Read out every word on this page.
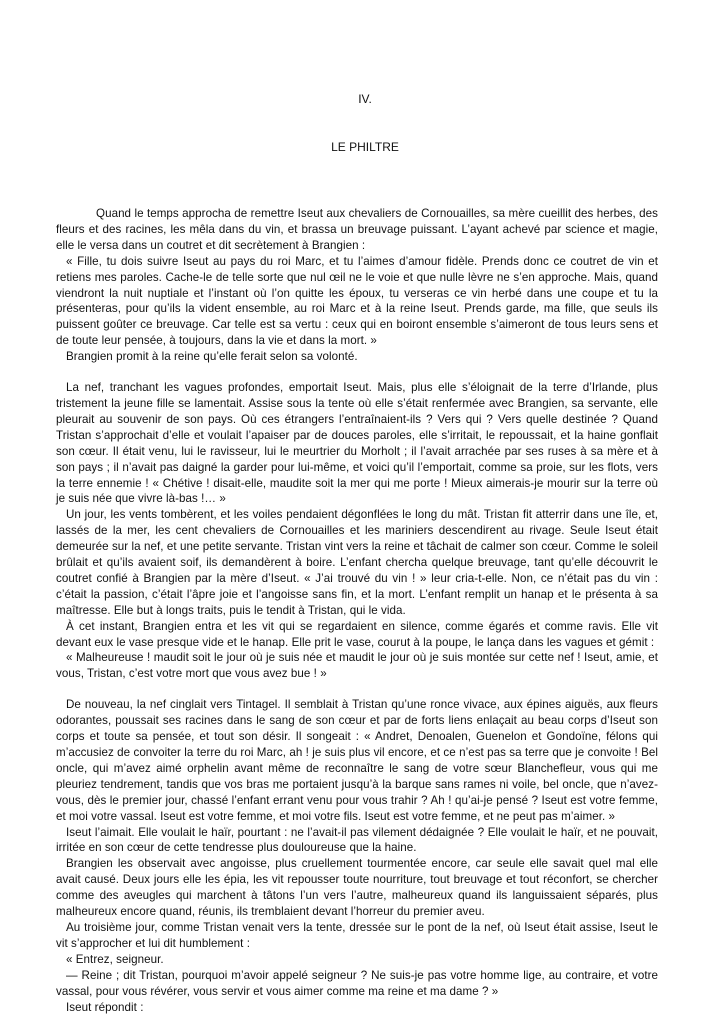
IV.
LE PHILTRE

Quand le temps approcha de remettre Iseut aux chevaliers de Cornouailles, sa mère cueillit des herbes, des fleurs et des racines, les mêla dans du vin, et brassa un breuvage puissant. L’ayant achevé par science et magie, elle le versa dans un coutret et dit secrètement à Brangien :

« Fille, tu dois suivre Iseut au pays du roi Marc, et tu l’aimes d’amour fidèle. Prends donc ce coutret de vin et retiens mes paroles. Cache-le de telle sorte que nul œil ne le voie et que nulle lèvre ne s’en approche. Mais, quand viendront la nuit nuptiale et l’instant où l’on quitte les époux, tu verseras ce vin herbé dans une coupe et tu la présenteras, pour qu’ils la vident ensemble, au roi Marc et à la reine Iseut. Prends garde, ma fille, que seuls ils puissent goûter ce breuvage. Car telle est sa vertu : ceux qui en boiront ensemble s’aimeront de tous leurs sens et de toute leur pensée, à toujours, dans la vie et dans la mort. »

Brangien promit à la reine qu’elle ferait selon sa volonté.

La nef, tranchant les vagues profondes, emportait Iseut. Mais, plus elle s’éloignait de la terre d’Irlande, plus tristement la jeune fille se lamentait. Assise sous la tente où elle s’était renfermée avec Brangien, sa servante, elle pleurait au souvenir de son pays. Où ces étrangers l’entraînaient-ils ? Vers qui ? Vers quelle destinée ? Quand Tristan s’approchait d’elle et voulait l’apaiser par de douces paroles, elle s’irritait, le repoussait, et la haine gonflait son cœur. Il était venu, lui le ravisseur, lui le meurtrier du Morholt ; il l’avait arrachée par ses ruses à sa mère et à son pays ; il n’avait pas daigné la garder pour lui-même, et voici qu’il l’emportait, comme sa proie, sur les flots, vers la terre ennemie ! « Chétive ! disait-elle, maudite soit la mer qui me porte ! Mieux aimerais-je mourir sur la terre où je suis née que vivre là-bas !… »

Un jour, les vents tombèrent, et les voiles pendaient dégonflées le long du mât. Tristan fit atterrir dans une île, et, lassés de la mer, les cent chevaliers de Cornouailles et les mariniers descendirent au rivage. Seule Iseut était demeurée sur la nef, et une petite servante. Tristan vint vers la reine et tâchait de calmer son cœur. Comme le soleil brûlait et qu’ils avaient soif, ils demandèrent à boire. L’enfant chercha quelque breuvage, tant qu’elle découvrit le coutret confié à Brangien par la mère d’Iseut. « J’ai trouvé du vin ! » leur cria-t-elle. Non, ce n’était pas du vin : c’était la passion, c’était l’âpre joie et l’angoisse sans fin, et la mort. L’enfant remplit un hanap et le présenta à sa maîtresse. Elle but à longs traits, puis le tendit à Tristan, qui le vida.

À cet instant, Brangien entra et les vit qui se regardaient en silence, comme égarés et comme ravis. Elle vit devant eux le vase presque vide et le hanap. Elle prit le vase, courut à la poupe, le lança dans les vagues et gémit :

« Malheureuse ! maudit soit le jour où je suis née et maudit le jour où je suis montée sur cette nef ! Iseut, amie, et vous, Tristan, c’est votre mort que vous avez bue ! »

De nouveau, la nef cinglait vers Tintagel. Il semblait à Tristan qu’une ronce vivace, aux épines aiguës, aux fleurs odorantes, poussait ses racines dans le sang de son cœur et par de forts liens enlaçait au beau corps d’Iseut son corps et toute sa pensée, et tout son désir. Il songeait : « Andret, Denoalen, Guenelon et Gondoïne, félons qui m’accusiez de convoiter la terre du roi Marc, ah ! je suis plus vil encore, et ce n’est pas sa terre que je convoite ! Bel oncle, qui m’avez aimé orphelin avant même de reconnaître le sang de votre sœur Blanchefleur, vous qui me pleuriez tendrement, tandis que vos bras me portaient jusqu’à la barque sans rames ni voile, bel oncle, que n’avez-vous, dès le premier jour, chassé l’enfant errant venu pour vous trahir ? Ah ! qu’ai-je pensé ? Iseut est votre femme, et moi votre vassal. Iseut est votre femme, et moi votre fils. Iseut est votre femme, et ne peut pas m’aimer. »

Iseut l’aimait. Elle voulait le haïr, pourtant : ne l’avait-il pas vilement dédaignée ? Elle voulait le haïr, et ne pouvait, irritée en son cœur de cette tendresse plus douloureuse que la haine.

Brangien les observait avec angoisse, plus cruellement tourmentée encore, car seule elle savait quel mal elle avait causé. Deux jours elle les épia, les vit repousser toute nourriture, tout breuvage et tout réconfort, se chercher comme des aveugles qui marchent à tâtons l’un vers l’autre, malheureux quand ils languissaient séparés, plus malheureux encore quand, réunis, ils tremblaient devant l’horreur du premier aveu.

Au troisième jour, comme Tristan venait vers la tente, dressée sur le pont de la nef, où Iseut était assise, Iseut le vit s’approcher et lui dit humblement :

« Entrez, seigneur.

— Reine ; dit Tristan, pourquoi m’avoir appelé seigneur ? Ne suis-je pas votre homme lige, au contraire, et votre vassal, pour vous révérer, vous servir et vous aimer comme ma reine et ma dame ? »

Iseut répondit :
